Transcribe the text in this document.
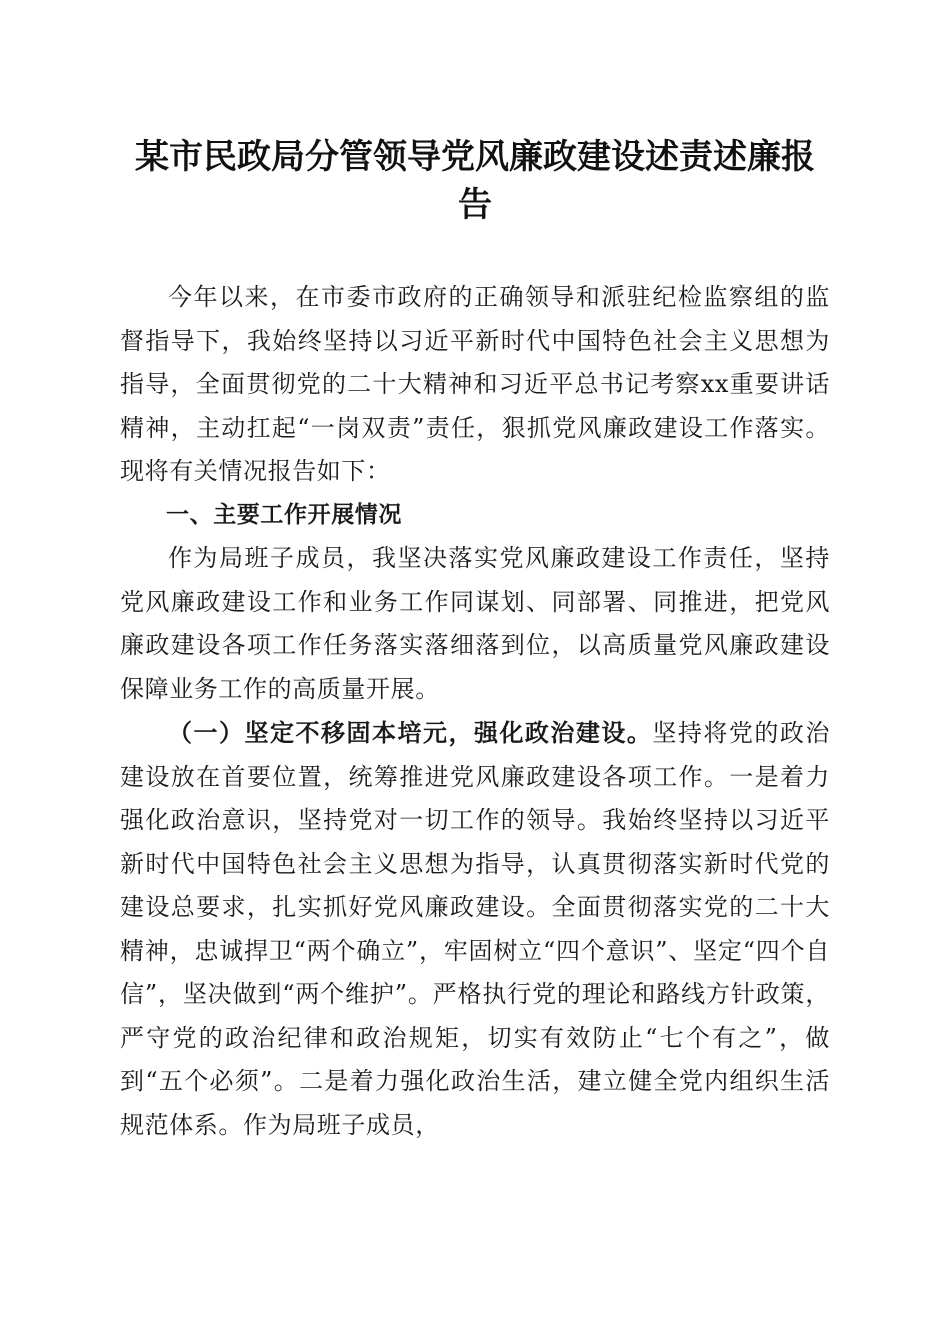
某市民政局分管领导党风廉政建设述责述廉报告

今年以来，在市委市政府的正确领导和派驻纪检监察组的监督指导下，我始终坚持以习近平新时代中国特色社会主义思想为指导，全面贯彻党的二十大精神和习近平总书记考察xx重要讲话精神，主动扛起“一岗双责”责任，狠抓党风廉政建设工作落实。现将有关情况报告如下：

一、主要工作开展情况

作为局班子成员，我坚决落实党风廉政建设工作责任，坚持党风廉政建设工作和业务工作同谋划、同部署、同推进，把党风廉政建设各项工作任务落实落细落到位，以高质量党风廉政建设保障业务工作的高质量开展。

（一）坚定不移固本培元，强化政治建设。坚持将党的政治建设放在首要位置，统筹推进党风廉政建设各项工作。一是着力强化政治意识，坚持党对一切工作的领导。我始终坚持以习近平新时代中国特色社会主义思想为指导，认真贯彻落实新时代党的建设总要求，扎实抓好党风廉政建设。全面贯彻落实党的二十大精神，忠诚捍卫“两个确立”，牢固树立“四个意识”、坚定“四个自信”，坚决做到“两个维护”。严格执行党的理论和路线方针政策，严守党的政治纪律和政治规矩，切实有效防止“七个有之”，做到“五个必须”。二是着力强化政治生活，建立健全党内组织生活规范体系。作为局班子成员，
